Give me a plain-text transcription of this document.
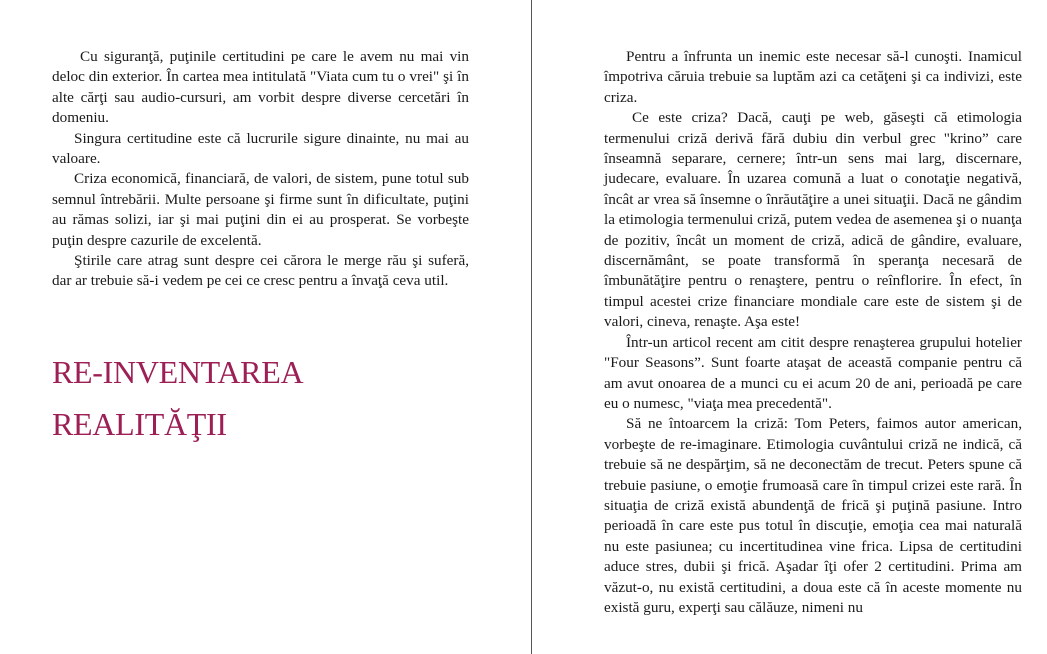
Cu siguranţă, puţinile certitudini pe care le avem nu mai vin deloc din exterior. În cartea mea intitulată "Viata cum tu o vrei" şi în alte cărţi sau audio-cursuri, am vorbit despre diverse cercetări în domeniu.

Singura certitudine este că lucrurile sigure dinainte, nu mai au valoare.

Criza economică, financiară, de valori, de sistem, pune totul sub semnul întrebării. Multe persoane şi firme sunt în dificultate, puţini au rămas solizi, iar şi mai puţini din ei au prosperat. Se vorbeşte puţin despre cazurile de excelentă.

Ştirile care atrag sunt despre cei cărora le merge rău şi suferă, dar ar trebuie să-i vedem pe cei ce cresc pentru a învaţă ceva util.

RE-INVENTAREA
REALITĂŢII

Pentru a înfrunta un inemic este necesar să-l cunoşti. Inamicul împotriva căruia trebuie sa luptăm azi ca cetăţeni şi ca indivizi, este criza.

Ce este criza? Dacă, cauţi pe web, găseşti că etimologia termenului criză derivă fără dubiu din verbul grec "krino” care înseamnă separare, cernere; într-un sens mai larg, discernare, judecare, evaluare. În uzarea comună a luat o conotaţie negativă, încât ar vrea să însemne o înrăutăţire a unei situaţii. Dacă ne gândim la etimologia termenului criză, putem vedea de asemenea şi o nuanţa de pozitiv, încât un moment de criză, adică de gândire, evaluare, discernământ, se poate transformă în speranţa necesară de îmbunătăţire pentru o renaştere, pentru o reînflorire. În efect, în timpul acestei crize financiare mondiale care este de sistem şi de valori, cineva, renaşte. Aşa este!

Într-un articol recent am citit despre renaşterea grupului hotelier "Four Seasons”. Sunt foarte ataşat de această companie pentru că am avut onoarea de a munci cu ei acum 20 de ani, perioadă pe care eu o numesc, "viaţa mea precedentă".

Să ne întoarcem la criză: Tom Peters, faimos autor american, vorbeşte de re-imaginare. Etimologia cuvântului criză ne indică, că trebuie să ne despărţim, să ne deconectăm de trecut. Peters spune că trebuie pasiune, o emoţie frumoasă care în timpul crizei este rară. În situaţia de criză există abundenţă de frică şi puţină pasiune. Intro perioadă în care este pus totul în discuţie, emoţia cea mai naturală nu este pasiunea; cu incertitudinea vine frica. Lipsa de certitudini aduce stres, dubii şi frică. Aşadar îţi ofer 2 certitudini. Prima am văzut-o, nu există certitudini, a doua este că în aceste momente nu există guru, experţi sau călăuze, nimeni nu
